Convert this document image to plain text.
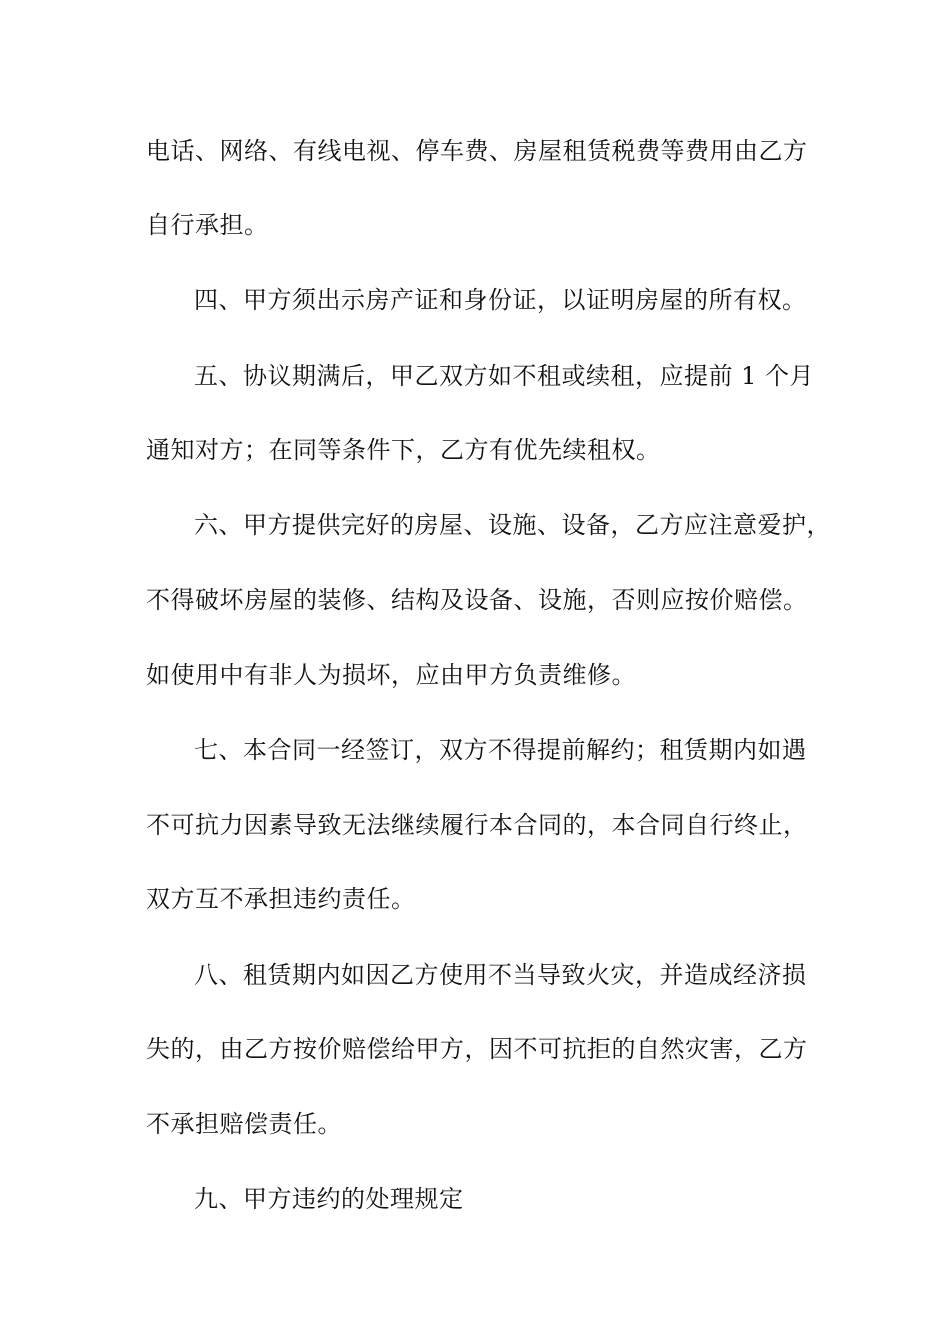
电话、网络、有线电视、停车费、房屋租赁税费等费用由乙方
自行承担。
四、甲方须出示房产证和身份证，以证明房屋的所有权。
五、协议期满后，甲乙双方如不租或续租，应提前 1 个月
通知对方；在同等条件下，乙方有优先续租权。
六、甲方提供完好的房屋、设施、设备，乙方应注意爱护，
不得破坏房屋的装修、结构及设备、设施，否则应按价赔偿。
如使用中有非人为损坏，应由甲方负责维修。
七、本合同一经签订，双方不得提前解约；租赁期内如遇
不可抗力因素导致无法继续履行本合同的，本合同自行终止，
双方互不承担违约责任。
八、租赁期内如因乙方使用不当导致火灾，并造成经济损
失的，由乙方按价赔偿给甲方，因不可抗拒的自然灾害，乙方
不承担赔偿责任。
九、甲方违约的处理规定
